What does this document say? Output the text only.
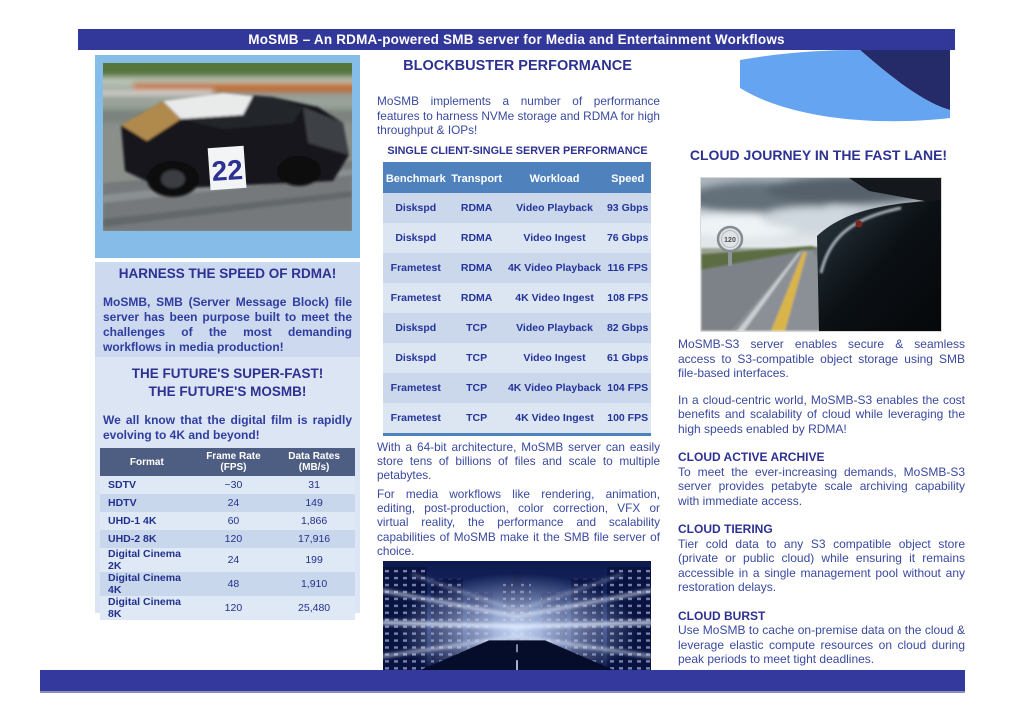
MoSMB – An RDMA-powered SMB server for Media and Entertainment Workflows
22
HARNESS THE SPEED OF RDMA!
MoSMB, SMB (Server Message Block) file server has been purpose built to meet the challenges of the most demanding workflows in media production!
THE FUTURE'S SUPER-FAST!
THE FUTURE'S MOSMB!
We all know that the digital film is rapidly evolving to 4K and beyond!
Format	Frame Rate (FPS)	Data Rates (MB/s)
SDTV	~30	31
HDTV	24	149
UHD-1 4K	60	1,866
UHD-2 8K	120	17,916
Digital Cinema 2K	24	199
Digital Cinema 4K	48	1,910
Digital Cinema 8K	120	25,480
BLOCKBUSTER PERFORMANCE
MoSMB implements a number of performance features to harness NVMe storage and RDMA for high throughput & IOPs!
SINGLE CLIENT-SINGLE SERVER PERFORMANCE
Benchmark	Transport	Workload	Speed
Diskspd	RDMA	Video Playback	93 Gbps
Diskspd	RDMA	Video Ingest	76 Gbps
Frametest	RDMA	4K Video Playback	116 FPS
Frametest	RDMA	4K Video Ingest	108 FPS
Diskspd	TCP	Video Playback	82 Gbps
Diskspd	TCP	Video Ingest	61 Gbps
Frametest	TCP	4K Video Playback	104 FPS
Frametest	TCP	4K Video Ingest	100 FPS
With a 64-bit architecture, MoSMB server can easily store tens of billions of files and scale to multiple petabytes.
For media workflows like rendering, animation, editing, post-production, color correction, VFX or virtual reality, the performance and scalability capabilities of MoSMB make it the SMB file server of choice.
CLOUD JOURNEY IN THE FAST LANE!
120

MoSMB-S3 server enables secure & seamless access to S3-compatible object storage using SMB file-based interfaces.

In a cloud-centric world, MoSMB-S3 enables the cost benefits and scalability of cloud while leveraging the high speeds enabled by RDMA!

CLOUD ACTIVE ARCHIVE

To meet the ever-increasing demands, MoSMB-S3 server provides petabyte scale archiving capability with immediate access.

CLOUD TIERING

Tier cold data to any S3 compatible object store (private or public cloud) while ensuring it remains accessible in a single management pool without any restoration delays.

CLOUD BURST

Use MoSMB to cache on-premise data on the cloud & leverage elastic compute resources on cloud during peak periods to meet tight deadlines.
